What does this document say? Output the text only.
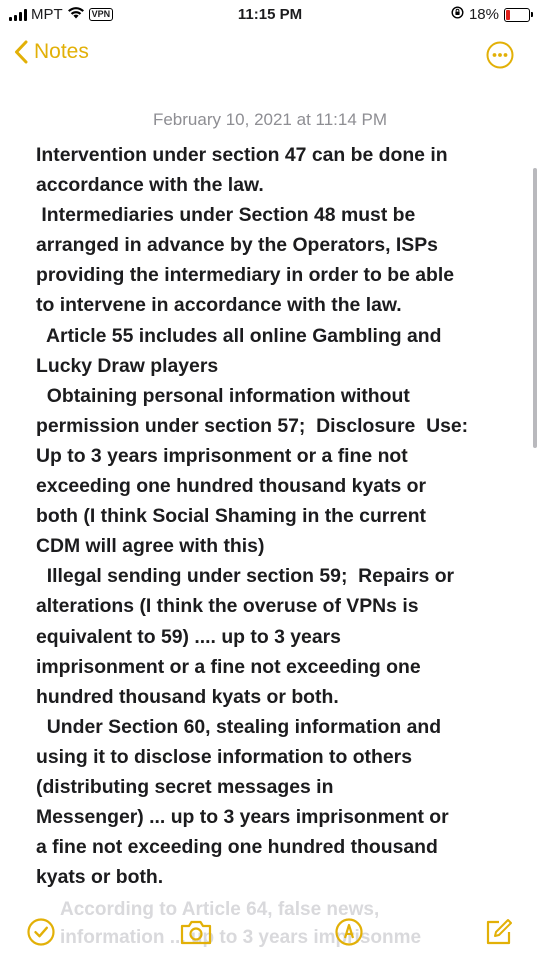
MPT	VPN	11:15 PM	18%
Notes
February 10, 2021 at 11:14 PM
Intervention under section 47 can be done in
accordance with the law.
Intermediaries under Section 48 must be
arranged in advance by the Operators, ISPs
providing the intermediary in order to be able
to intervene in accordance with the law.
Article 55 includes all online Gambling and
Lucky Draw players
Obtaining personal information without
permission under section 57;  Disclosure  Use:
Up to 3 years imprisonment or a fine not
exceeding one hundred thousand kyats or
both (I think Social Shaming in the current
CDM will agree with this)
Illegal sending under section 59;  Repairs or
alterations (I think the overuse of VPNs is
equivalent to 59) .... up to 3 years
imprisonment or a fine not exceeding one
hundred thousand kyats or both.
Under Section 60, stealing information and
using it to disclose information to others
(distributing secret messages in
Messenger) ... up to 3 years imprisonment or
a fine not exceeding one hundred thousand
kyats or both.
According to Article 64, false news,
information ... up to 3 years imprisonme
